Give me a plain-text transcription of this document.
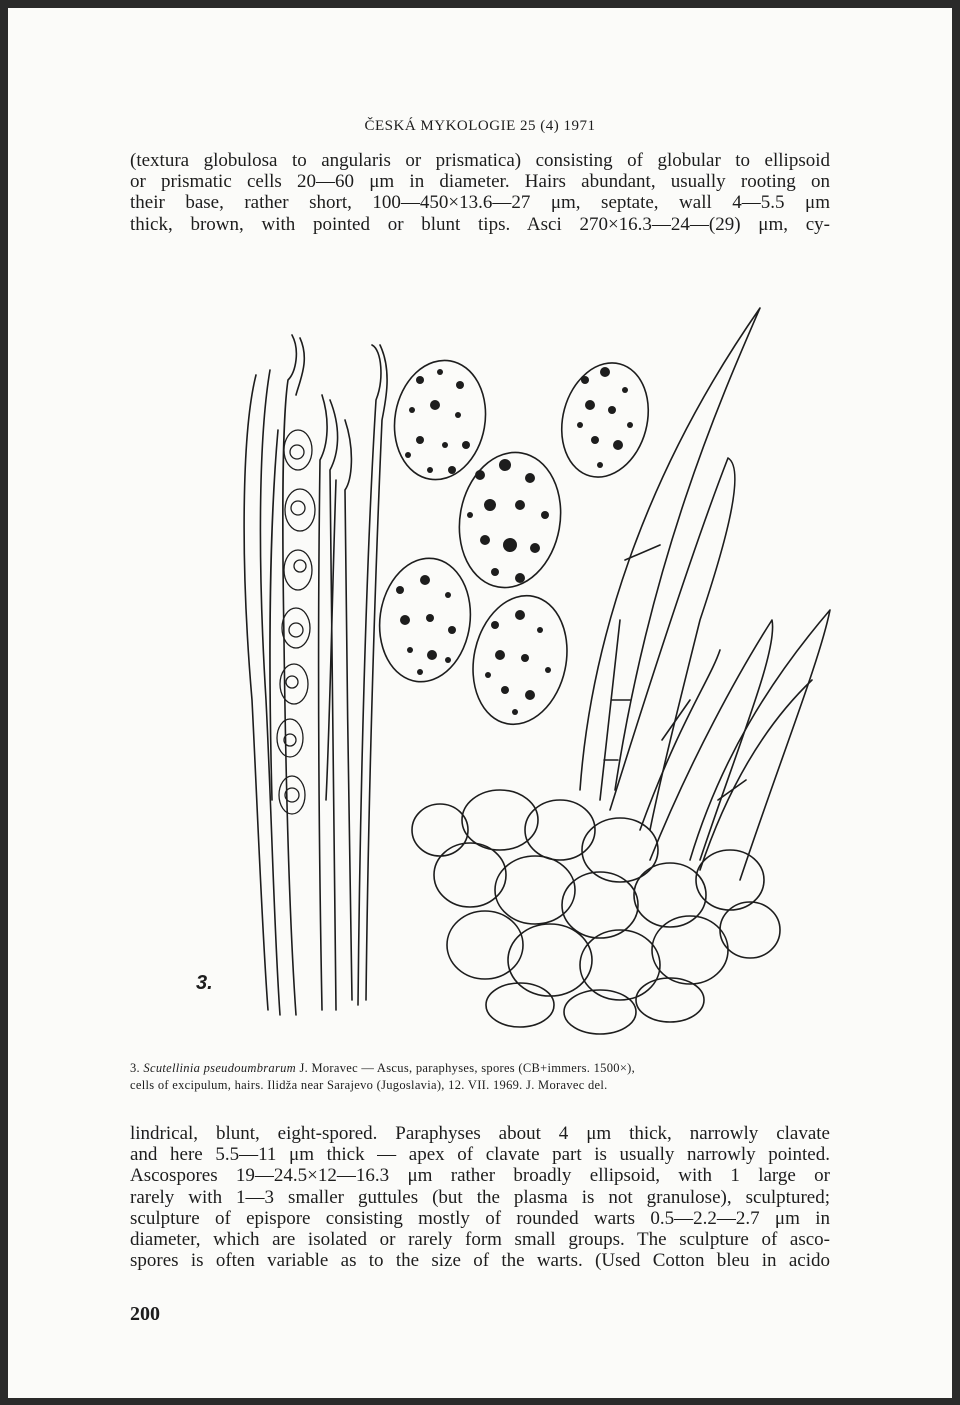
ČESKÁ MYKOLOGIE 25 (4) 1971
(textura globulosa to angularis or prismatica) consisting of globular to ellipsoid
or prismatic cells 20—60 μm in diameter. Hairs abundant, usually rooting on
their base, rather short, 100—450×13.6—27 μm, septate, wall 4—5.5 μm
thick, brown, with pointed or blunt tips. Asci 270×16.3—24—(29) μm, cy-
3.
3. Scutellinia pseudoumbrarum J. Moravec — Ascus, paraphyses, spores (CB+immers. 1500×),
cells of excipulum, hairs. Ilidža near Sarajevo (Jugoslavia), 12. VII. 1969. J. Moravec del.
lindrical, blunt, eight-spored. Paraphyses about 4 μm thick, narrowly clavate
and here 5.5—11 μm thick — apex of clavate part is usually narrowly pointed.
Ascospores 19—24.5×12—16.3 μm rather broadly ellipsoid, with 1 large or
rarely with 1—3 smaller guttules (but the plasma is not granulose), sculptured;
sculpture of epispore consisting mostly of rounded warts 0.5—2.2—2.7 μm in
diameter, which are isolated or rarely form small groups. The sculpture of asco-
spores is often variable as to the size of the warts. (Used Cotton bleu in acido
200
